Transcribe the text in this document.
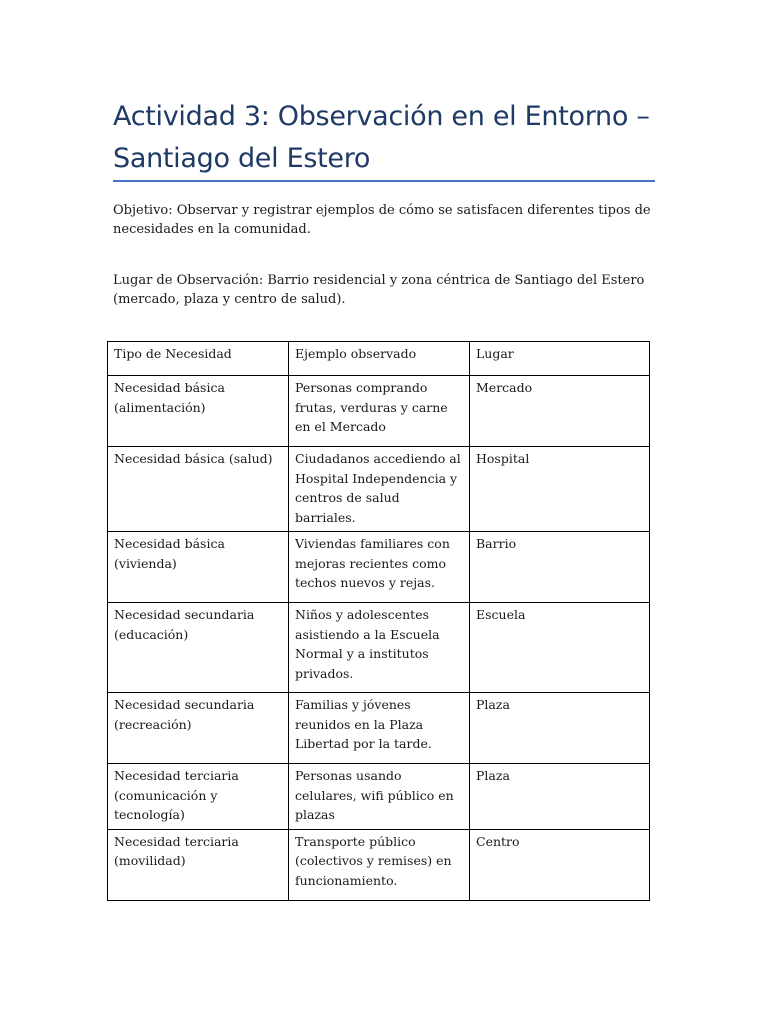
Actividad 3: Observación en el Entorno –
Santiago del Estero

Objetivo: Observar y registrar ejemplos de cómo se satisfacen diferentes tipos de necesidades en la comunidad.

Lugar de Observación: Barrio residencial y zona céntrica de Santiago del Estero (mercado, plaza y centro de salud).

Tipo de Necesidad	Ejemplo observado	Lugar
Necesidad básica (alimentación)	Personas comprando frutas, verduras y carne en el Mercado	Mercado
Necesidad básica (salud)	Ciudadanos accediendo al Hospital Independencia y centros de salud barriales.	Hospital
Necesidad básica (vivienda)	Viviendas familiares con mejoras recientes como techos nuevos y rejas.	Barrio
Necesidad secundaria (educación)	Niños y adolescentes asistiendo a la Escuela Normal y a institutos privados.	Escuela
Necesidad secundaria (recreación)	Familias y jóvenes reunidos en la Plaza Libertad por la tarde.	Plaza
Necesidad terciaria (comunicación y tecnología)	Personas usando celulares, wifi público en plazas	Plaza
Necesidad terciaria (movilidad)	Transporte público (colectivos y remises) en funcionamiento.	Centro
